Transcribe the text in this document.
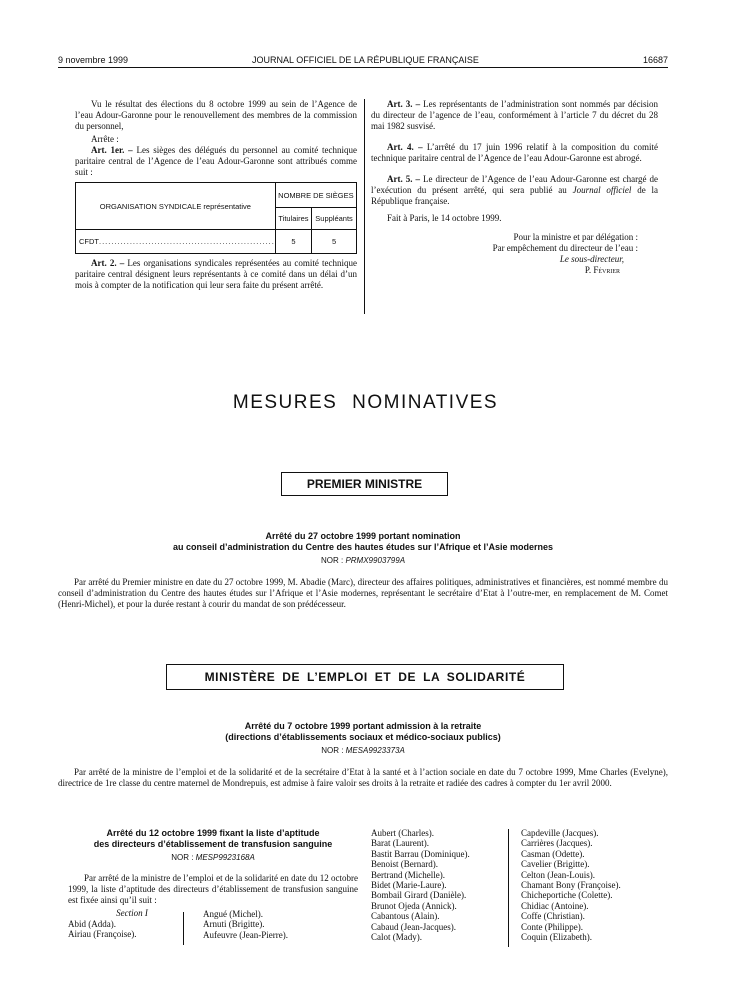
9 novembre 1999	JOURNAL OFFICIEL DE LA RÉPUBLIQUE FRANÇAISE	16687
Vu le résultat des élections du 8 octobre 1999 au sein de l’Agence de l’eau Adour-Garonne pour le renouvellement des membres de la commission du personnel,
Arrête :
Art. 1er. – Les sièges des délégués du personnel au comité technique paritaire central de l’Agence de l’eau Adour-Garonne sont attribués comme suit :
ORGANISATION SYNDICALE représentative	NOMBRE DE SIÈGES	
	Titulaires	Suppléants
CFDT.........................................................	5	5
Art. 2. – Les organisations syndicales représentées au comité technique paritaire central désignent leurs représentants à ce comité dans un délai d’un mois à compter de la notification qui leur sera faite du présent arrêté.
Art. 3. – Les représentants de l’administration sont nommés par décision du directeur de l’agence de l’eau, conformément à l’article 7 du décret du 28 mai 1982 susvisé.
Art. 4. – L’arrêté du 17 juin 1996 relatif à la composition du comité technique paritaire central de l’Agence de l’eau Adour-Garonne est abrogé.
Art. 5. – Le directeur de l’Agence de l’eau Adour-Garonne est chargé de l’exécution du présent arrêté, qui sera publié au Journal officiel de la République française.
Fait à Paris, le 14 octobre 1999.
Pour la ministre et par délégation :
Par empêchement du directeur de l’eau :
Le sous-directeur,
P. Février
MESURES NOMINATIVES
PREMIER MINISTRE
Arrêté du 27 octobre 1999 portant nomination
au conseil d’administration du Centre des hautes études sur l’Afrique et l’Asie modernes
NOR : PRMX9903799A
Par arrêté du Premier ministre en date du 27 octobre 1999, M. Abadie (Marc), directeur des affaires politiques, administratives et financières, est nommé membre du conseil d’administration du Centre des hautes études sur l’Afrique et l’Asie modernes, représentant le secrétaire d’Etat à l’outre-mer, en remplacement de M. Comet (Henri-Michel), et pour la durée restant à courir du mandat de son prédécesseur.
MINISTÈRE DE L’EMPLOI ET DE LA SOLIDARITÉ
Arrêté du 7 octobre 1999 portant admission à la retraite
(directions d’établissements sociaux et médico-sociaux publics)
NOR : MESA9923373A
Par arrêté de la ministre de l’emploi et de la solidarité et de la secrétaire d’Etat à la santé et à l’action sociale en date du 7 octobre 1999, Mme Charles (Evelyne), directrice de 1re classe du centre maternel de Mondrepuis, est admise à faire valoir ses droits à la retraite et radiée des cadres à compter du 1er avril 2000.
Arrêté du 12 octobre 1999 fixant la liste d’aptitude
des directeurs d’établissement de transfusion sanguine
NOR : MESP9923168A
Par arrêté de la ministre de l’emploi et de la solidarité en date du 12 octobre 1999, la liste d’aptitude des directeurs d’établissement de transfusion sanguine est fixée ainsi qu’il suit :
Section I
Abid (Adda).
Airiau (Françoise).
Angué (Michel).
Arnuti (Brigitte).
Aufeuvre (Jean-Pierre).
Aubert (Charles).
Barat (Laurent).
Bastit Barrau (Dominique).
Benoist (Bernard).
Bertrand (Michelle).
Bidet (Marie-Laure).
Bombail Girard (Danièle).
Brunot Ojeda (Annick).
Cabantous (Alain).
Cabaud (Jean-Jacques).
Calot (Mady).
Capdeville (Jacques).
Carrières (Jacques).
Casman (Odette).
Cavelier (Brigitte).
Celton (Jean-Louis).
Chamant Bony (Françoise).
Chicheportiche (Colette).
Chidiac (Antoine).
Coffe (Christian).
Conte (Philippe).
Coquin (Elizabeth).
